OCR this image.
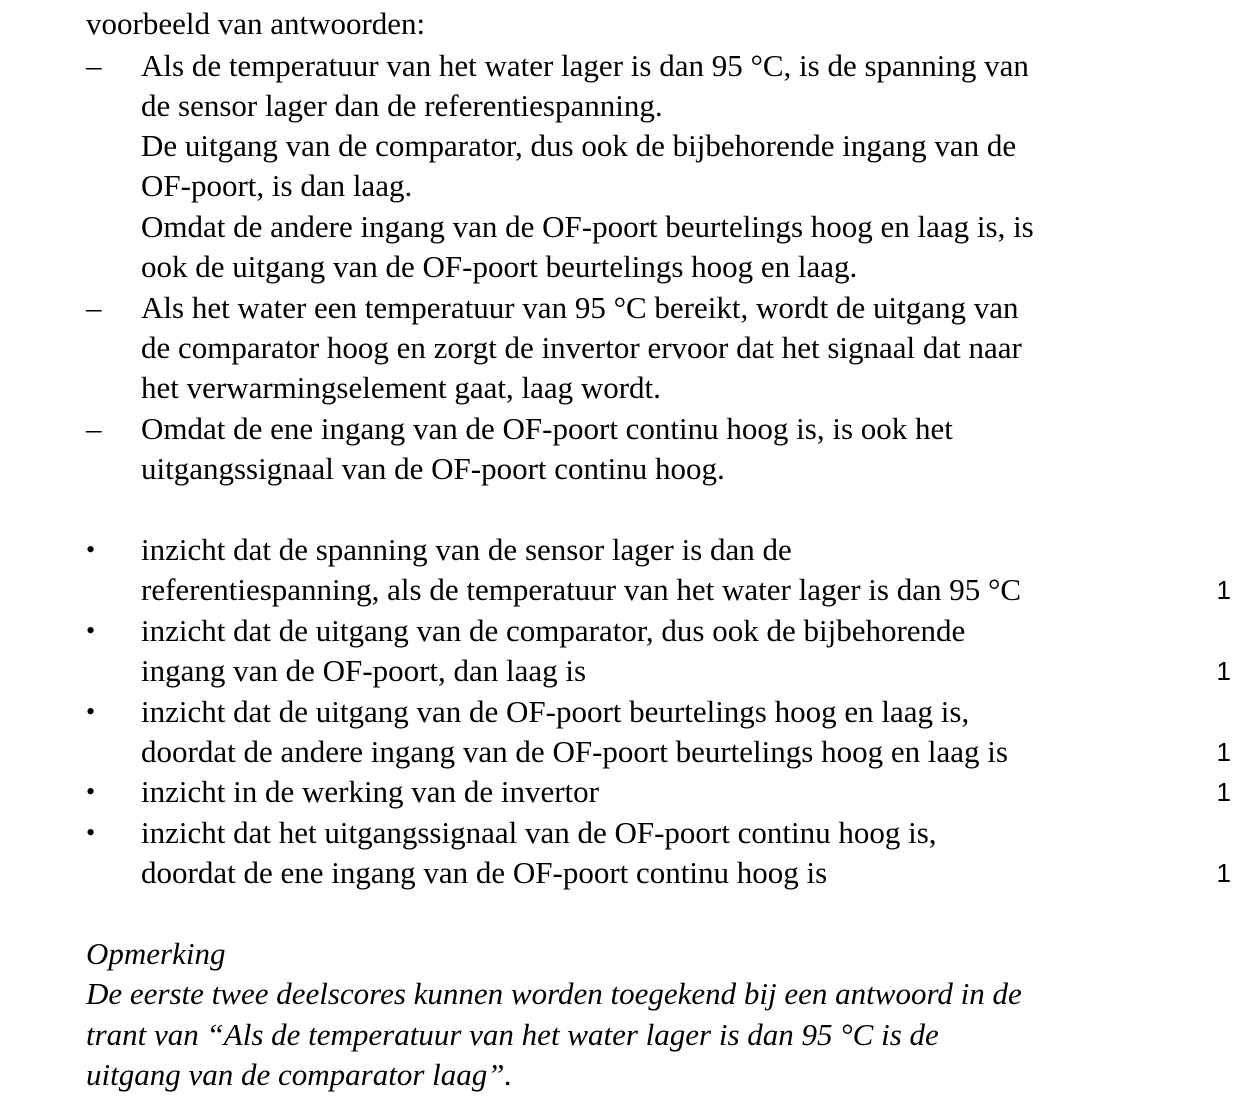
voorbeeld van antwoorden:
–	Als de temperatuur van het water lager is dan 95 °C, is de spanning van
de sensor lager dan de referentiespanning.
De uitgang van de comparator, dus ook de bijbehorende ingang van de
OF-poort, is dan laag.
Omdat de andere ingang van de OF-poort beurtelings hoog en laag is, is
ook de uitgang van de OF-poort beurtelings hoog en laag.
–	Als het water een temperatuur van 95 °C bereikt, wordt de uitgang van
de comparator hoog en zorgt de invertor ervoor dat het signaal dat naar
het verwarmingselement gaat, laag wordt.
–	Omdat de ene ingang van de OF-poort continu hoog is, is ook het
uitgangssignaal van de OF-poort continu hoog.
•	inzicht dat de spanning van de sensor lager is dan de
referentiespanning, als de temperatuur van het water lager is dan 95 °C	1
•	inzicht dat de uitgang van de comparator, dus ook de bijbehorende
ingang van de OF-poort, dan laag is	1
•	inzicht dat de uitgang van de OF-poort beurtelings hoog en laag is,
doordat de andere ingang van de OF-poort beurtelings hoog en laag is	1
•	inzicht in de werking van de invertor	1
•	inzicht dat het uitgangssignaal van de OF-poort continu hoog is,
doordat de ene ingang van de OF-poort continu hoog is	1
Opmerking
De eerste twee deelscores kunnen worden toegekend bij een antwoord in de
trant van “Als de temperatuur van het water lager is dan 95 °C is de
uitgang van de comparator laag”.
